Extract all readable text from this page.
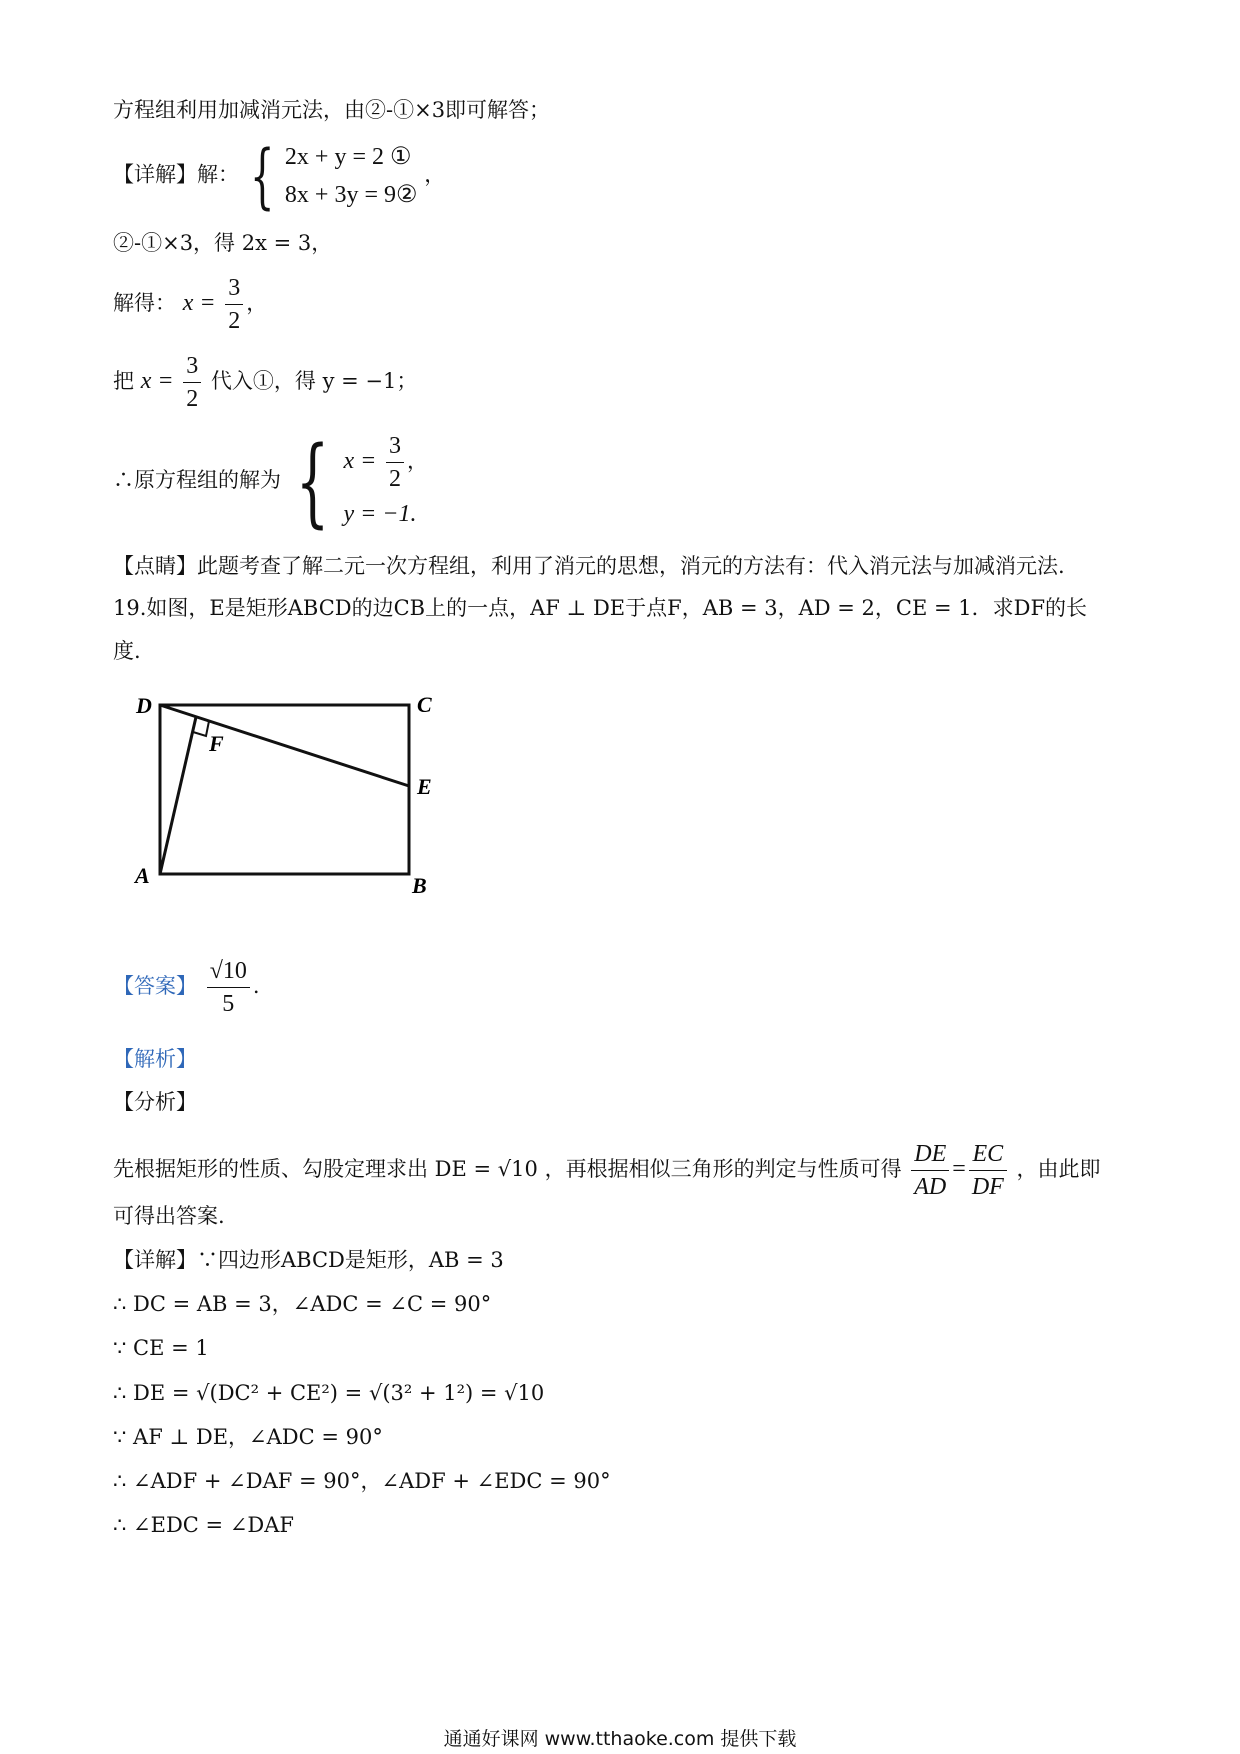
方程组利用加减消元法，由②-①×3即可解答；
【详解】解： { 2x + y = 2 ①
8x + 3y = 9②
，
②-①×3，得 2x = 3，
解得： $x = \frac{3}{2}$ ，
把 $x = \frac{3}{2}$ 代入①，得 y = −1；
∴原方程组的解为 { $x = \frac{3}{2}$ ，
y = −1.
【点睛】此题考查了解二元一次方程组，利用了消元的思想，消元的方法有：代入消元法与加减消元法.
19.如图，E是矩形ABCD的边CB上的一点，AF ⊥ DE于点F，AB = 3，AD = 2，CE = 1．求DF的长
度.
D	C
F
E
A	B
【答案】 $\frac{√10}{5}$ .
【解析】
【分析】
先根据矩形的性质、勾股定理求出 DE = √10 ，再根据相似三角形的判定与性质可得 $\frac{DE}{AD} = \frac{EC}{DF}$ ，由此即
可得出答案.
【详解】∵四边形ABCD是矩形，AB = 3
∴ DC = AB = 3，∠ADC = ∠C = 90°
∵ CE = 1
∴ DE = √(DC² + CE²) = √(3² + 1²) = √10
∵ AF ⊥ DE，∠ADC = 90°
∴ ∠ADF + ∠DAF = 90°，∠ADF + ∠EDC = 90°
∴ ∠EDC = ∠DAF
通通好课网 www.tthaoke.com 提供下载
